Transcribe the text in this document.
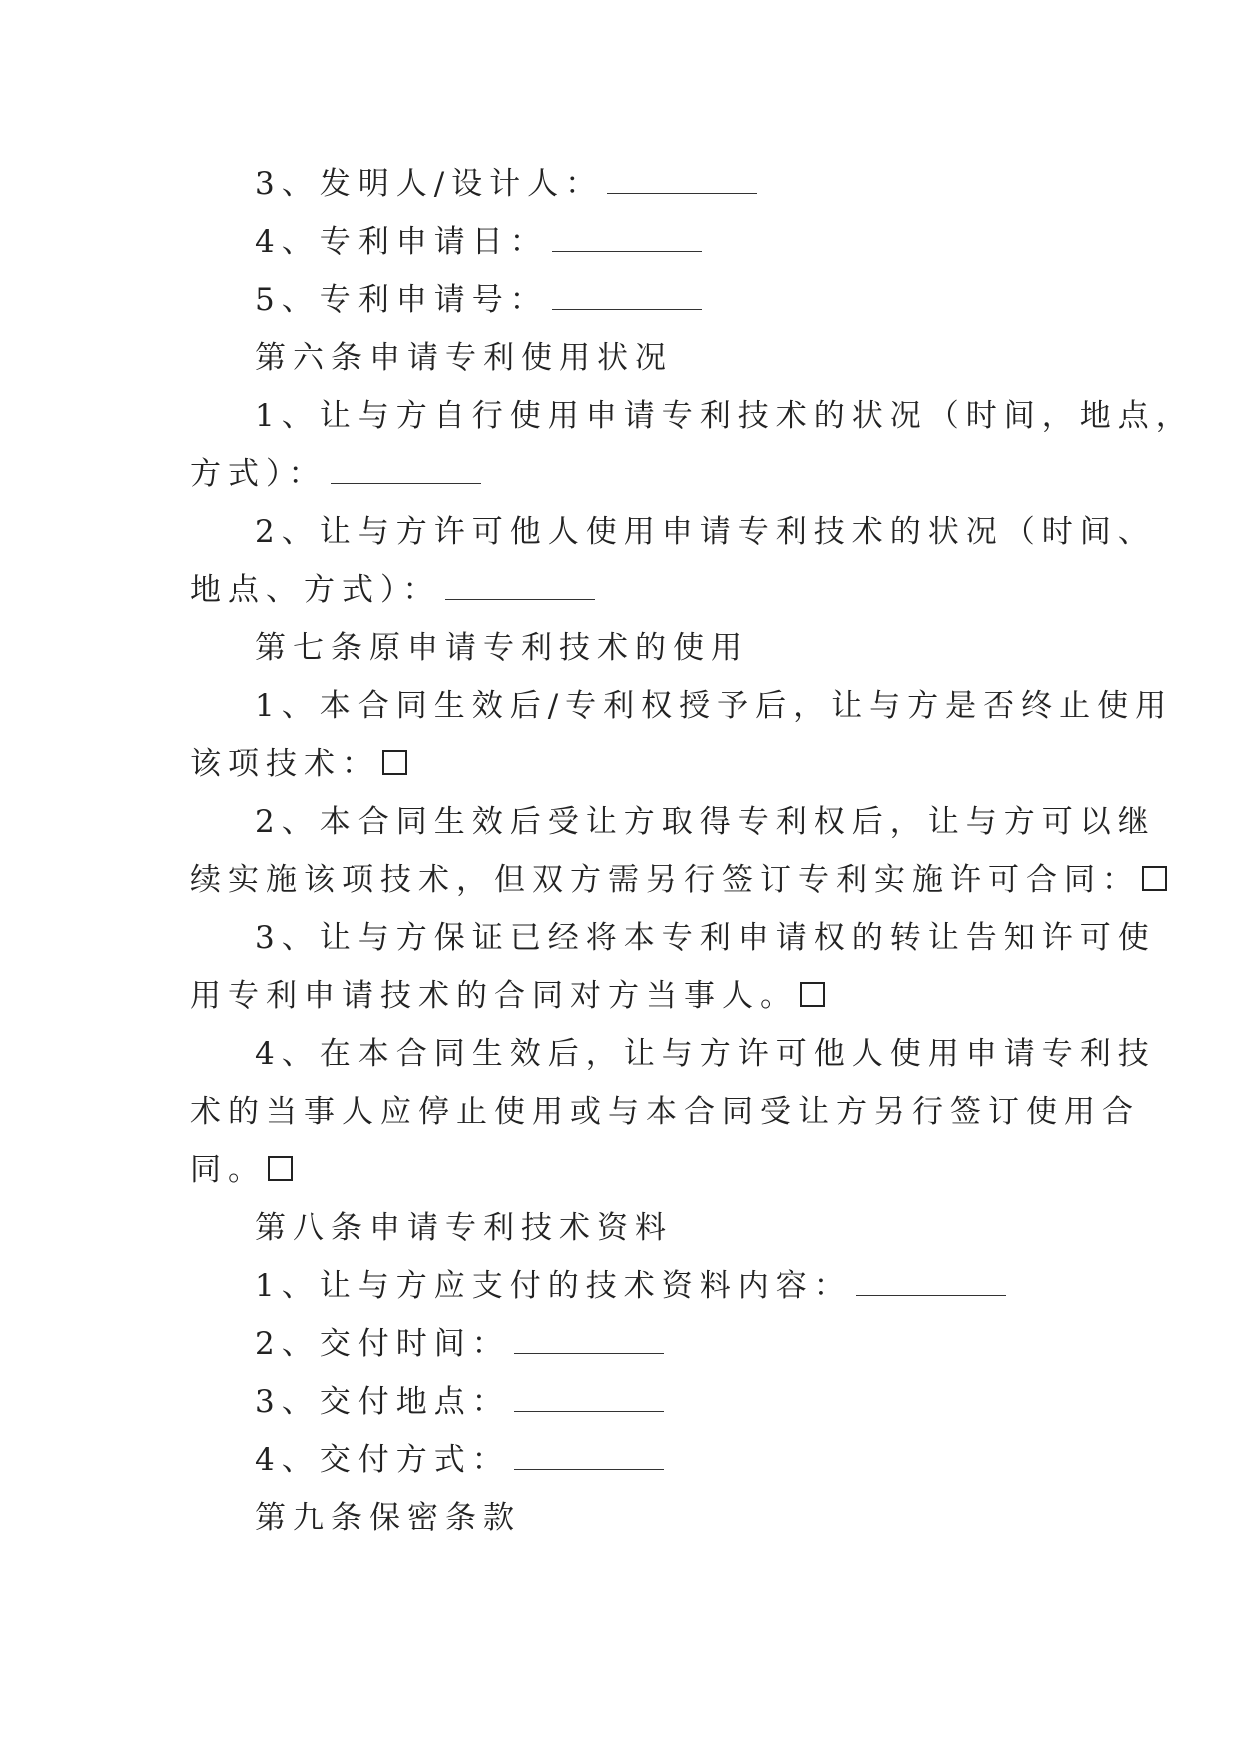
3、发明人/设计人：

4、专利申请日：

5、专利申请号：

第六条申请专利使用状况

1、让与方自行使用申请专利技术的状况（时间，地点，

方式）：

2、让与方许可他人使用申请专利技术的状况（时间、

地点、方式）：

第七条原申请专利技术的使用

1、本合同生效后/专利权授予后，让与方是否终止使用

该项技术：

2、本合同生效后受让方取得专利权后，让与方可以继

续实施该项技术，但双方需另行签订专利实施许可合同：

3、让与方保证已经将本专利申请权的转让告知许可使

用专利申请技术的合同对方当事人。

4、在本合同生效后，让与方许可他人使用申请专利技

术的当事人应停止使用或与本合同受让方另行签订使用合

同。

第八条申请专利技术资料

1、让与方应支付的技术资料内容：

2、交付时间：

3、交付地点：

4、交付方式：

第九条保密条款
